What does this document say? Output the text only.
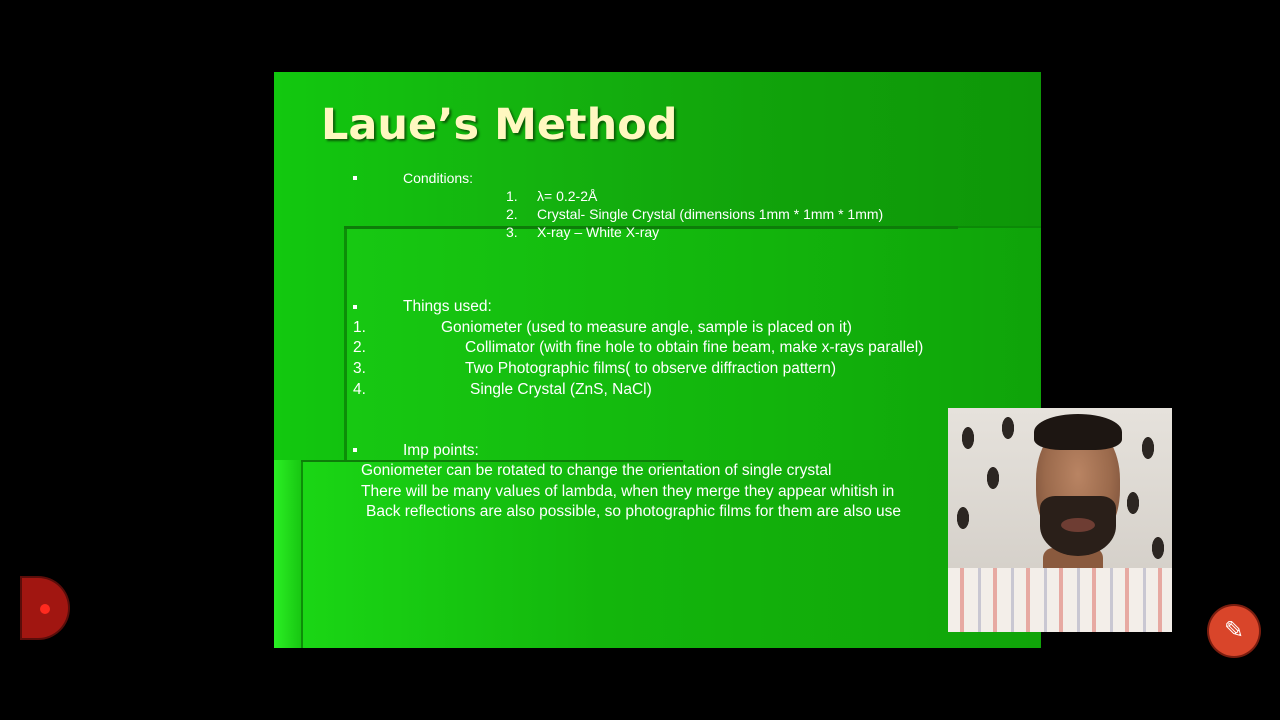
Laue’s Method
Conditions:
1. λ= 0.2-2Å
2. Crystal- Single Crystal (dimensions 1mm * 1mm * 1mm)
3. X-ray – White X-ray
Things used:
1.	Goniometer (used to measure angle, sample is placed on it)
2.	Collimator (with fine hole to obtain fine beam, make x-rays parallel)
3.	Two Photographic films( to observe diffraction pattern)
4.	Single Crystal (ZnS, NaCl)
Imp points:
Goniometer can be rotated to change the orientation of single crystal
There will be many values of lambda, when they merge they appear whitish in
Back reflections are also possible, so photographic films for them are also use
✎
